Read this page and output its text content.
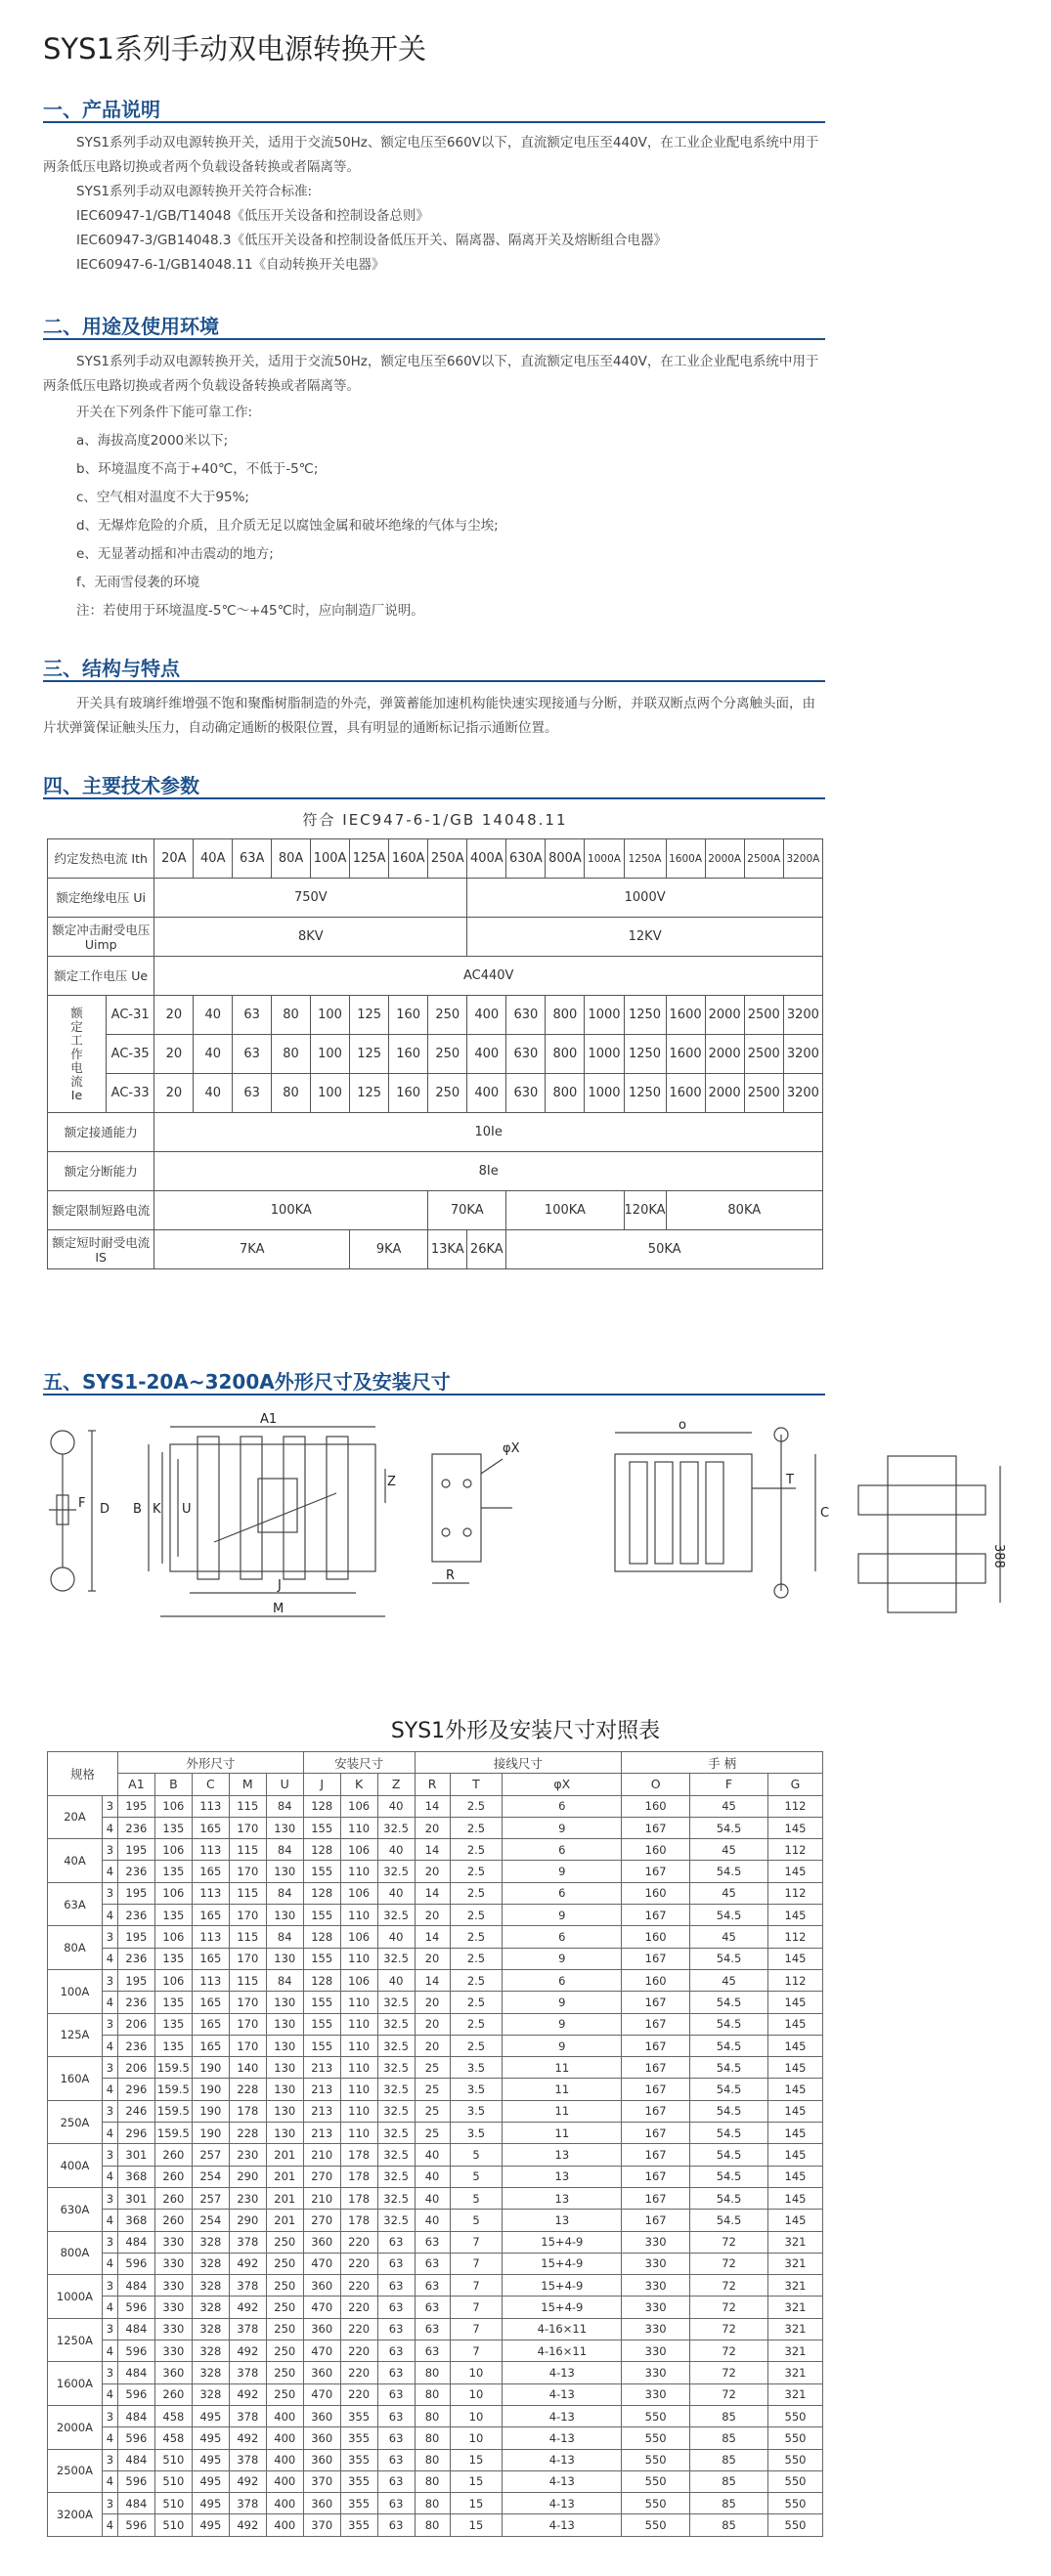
SYS1系列手动双电源转换开关
一、产品说明

SYS1系列手动双电源转换开关，适用于交流50Hz、额定电压至660V以下，直流额定电压至440V，在工业企业配电系统中用于两条低压电路切换或者两个负载设备转换或者隔离等。

SYS1系列手动双电源转换开关符合标准:

IEC60947-1/GB/T14048《低压开关设备和控制设备总则》

IEC60947-3/GB14048.3《低压开关设备和控制设备低压开关、隔离器、隔离开关及熔断组合电器》

IEC60947-6-1/GB14048.11《自动转换开关电器》

二、用途及使用环境

SYS1系列手动双电源转换开关，适用于交流50Hz，额定电压至660V以下，直流额定电压至440V，在工业企业配电系统中用于两条低压电路切换或者两个负载设备转换或者隔离等。

开关在下列条件下能可靠工作:

a、海拔高度2000米以下;

b、环境温度不高于+40℃，不低于-5℃;

c、空气相对温度不大于95%;

d、无爆炸危险的介质，且介质无足以腐蚀金属和破坏绝缘的气体与尘埃;

e、无显著动摇和冲击震动的地方;

f、无雨雪侵袭的环境

注：若使用于环境温度-5℃～+45℃时，应向制造厂说明。

三、结构与特点

开关具有玻璃纤维增强不饱和聚酯树脂制造的外壳，弹簧蓄能加速机构能快速实现接通与分断，并联双断点两个分离触头面，由片状弹簧保证触头压力，自动确定通断的极限位置，具有明显的通断标记指示通断位置。

四、主要技术参数
符合 IEC947-6-1/GB 14048.11
约定发热电流 Ith		20A	40A	63A	80A	100A	125A	160A	250A	400A	630A	800A	1000A	1250A	1600A	2000A	2500A	3200A
额定绝缘电压 Ui		750V								1000V								
额定冲击耐受电压Uimp		8KV								12KV								
额定工作电压 Ue		AC440V																
额定工作电流Ie	AC-31	20	40	63	80	100	125	160	250	400	630	800	1000	1250	1600	2000	2500	3200
	AC-35	20	40	63	80	100	125	160	250	400	630	800	1000	1250	1600	2000	2500	3200
	AC-33	20	40	63	80	100	125	160	250	400	630	800	1000	1250	1600	2000	2500	3200
额定接通能力		10Ie																
额定分断能力		8Ie																
额定限制短路电流		100KA							70KA		100KA			120KA	80KA			
额定短时耐受电流 IS		7KA					9KA		13KA	26KA	50KA							
五、SYS1-20A~3200A外形尺寸及安装尺寸
A1
B K U
Z
J
M
F D
φX
R
o
C
T
388
SYS1外形及安装尺寸对照表
规格		外形尺寸					安装尺寸			接线尺寸			手 柄		
		A1	B	C	M	U	J	K	Z	R	T	φX	O	F	G
20A	3	195	106	113	115	84	128	106	40	14	2.5	6	160	45	112
	4	236	135	165	170	130	155	110	32.5	20	2.5	9	167	54.5	145
40A	3	195	106	113	115	84	128	106	40	14	2.5	6	160	45	112
	4	236	135	165	170	130	155	110	32.5	20	2.5	9	167	54.5	145
63A	3	195	106	113	115	84	128	106	40	14	2.5	6	160	45	112
	4	236	135	165	170	130	155	110	32.5	20	2.5	9	167	54.5	145
80A	3	195	106	113	115	84	128	106	40	14	2.5	6	160	45	112
	4	236	135	165	170	130	155	110	32.5	20	2.5	9	167	54.5	145
100A	3	195	106	113	115	84	128	106	40	14	2.5	6	160	45	112
	4	236	135	165	170	130	155	110	32.5	20	2.5	9	167	54.5	145
125A	3	206	135	165	170	130	155	110	32.5	20	2.5	9	167	54.5	145
	4	236	135	165	170	130	155	110	32.5	20	2.5	9	167	54.5	145
160A	3	206	159.5	190	140	130	213	110	32.5	25	3.5	11	167	54.5	145
	4	296	159.5	190	228	130	213	110	32.5	25	3.5	11	167	54.5	145
250A	3	246	159.5	190	178	130	213	110	32.5	25	3.5	11	167	54.5	145
	4	296	159.5	190	228	130	213	110	32.5	25	3.5	11	167	54.5	145
400A	3	301	260	257	230	201	210	178	32.5	40	5	13	167	54.5	145
	4	368	260	254	290	201	270	178	32.5	40	5	13	167	54.5	145
630A	3	301	260	257	230	201	210	178	32.5	40	5	13	167	54.5	145
	4	368	260	254	290	201	270	178	32.5	40	5	13	167	54.5	145
800A	3	484	330	328	378	250	360	220	63	63	7	15+4-9	330	72	321
	4	596	330	328	492	250	470	220	63	63	7	15+4-9	330	72	321
1000A	3	484	330	328	378	250	360	220	63	63	7	15+4-9	330	72	321
	4	596	330	328	492	250	470	220	63	63	7	15+4-9	330	72	321
1250A	3	484	330	328	378	250	360	220	63	63	7	4-16×11	330	72	321
	4	596	330	328	492	250	470	220	63	63	7	4-16×11	330	72	321
1600A	3	484	360	328	378	250	360	220	63	80	10	4-13	330	72	321
	4	596	260	328	492	250	470	220	63	80	10	4-13	330	72	321
2000A	3	484	458	495	378	400	360	355	63	80	10	4-13	550	85	550
	4	596	458	495	492	400	360	355	63	80	10	4-13	550	85	550
2500A	3	484	510	495	378	400	360	355	63	80	15	4-13	550	85	550
	4	596	510	495	492	400	370	355	63	80	15	4-13	550	85	550
3200A	3	484	510	495	378	400	360	355	63	80	15	4-13	550	85	550
	4	596	510	495	492	400	370	355	63	80	15	4-13	550	85	550
